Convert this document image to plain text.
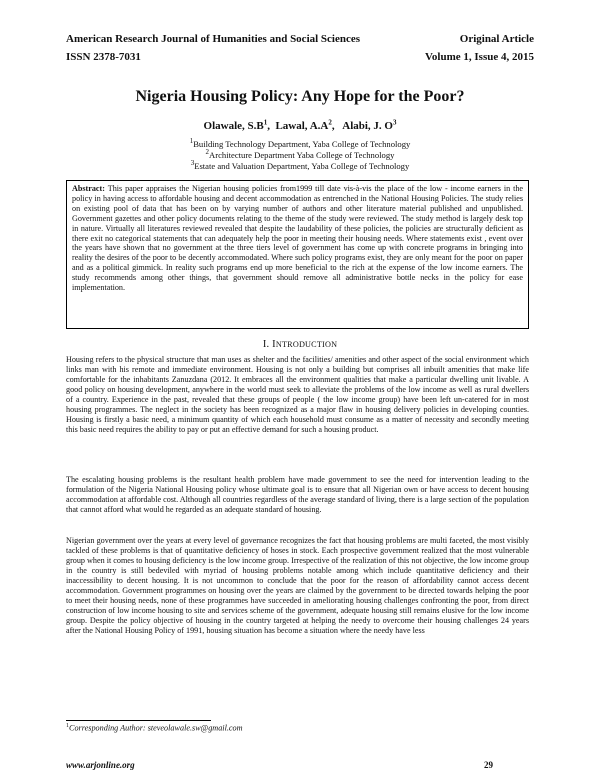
American Research Journal of Humanities and Social Sciences	Original Article
ISSN 2378-7031	Volume 1, Issue 4, 2015
Nigeria Housing Policy: Any Hope for the Poor?
Olawale, $S.B^1$,  Lawal, $A.A^2$,   Alabi, J. $O^3$
$^1$Building Technology Department, Yaba College of Technology
$^2$Architecture Department Yaba College of Technology
$^3$Estate and Valuation Department, Yaba College of Technology
Abstract: This paper appraises the Nigerian housing policies from1999 till date vis-à-vis the place of the low - income earners in the policy in having access to affordable housing and decent accommodation as entrenched in the National Housing Policies. The study relies on existing pool of data that has been on by varying number of authors and other literature material published and unpublished. Government gazettes and other policy documents relating to the theme of the study were reviewed. The study method is largely desk top in nature. Virtually all literatures reviewed revealed that despite the laudability of these policies, the policies are structurally deficient as there exit no categorical statements that can adequately help the poor in meeting their housing needs. Where statements exist , event over the years have shown that no government at the three tiers level of government has come up with concrete programs in bringing into reality the desires of the poor to be decently accommodated. Where such policy programs exist, they are only meant for the poor on paper and as a political gimmick. In reality such programs end up more beneficial to the rich at the expense of the low income earners. The study recommends among other things, that government should remove all administrative bottle necks in the policy for ease implementation.
I. INTRODUCTION

Housing refers to the physical structure that man uses as shelter and the facilities/ amenities and other aspect of the social environment which links man with his remote and immediate environment. Housing is not only a building but comprises all inbuilt amenities that make life comfortable for the inhabitants Zanuzdana (2012. It embraces all the environment qualities that make a particular dwelling unit livable. A good policy on housing development, anywhere in the world must seek to alleviate the problems of the low income as well as rural dwellers of a country. Experience in the past, revealed that these groups of people ( the low income group) have been left un-catered for in most housing programmes. The neglect in the society has been recognized as a major flaw in housing delivery policies in developing counties. Housing is firstly a basic need, a minimum quantity of which each household must consume as a matter of necessity and secondly meeting this basic need requires the ability to pay or put an effective demand for such a housing product.

The escalating housing problems is the resultant health problem have made government to see the need for intervention leading to the formulation of the Nigeria National Housing policy whose ultimate goal is to ensure that all Nigerian own or have access to decent housing accommodation at affordable cost. Although all countries regardless of the average standard of living, there is a large section of the population that cannot afford what would he regarded as an adequate standard of housing.

Nigerian government over the years at every level of governance recognizes the fact that housing problems are multi faceted, the most visibly tackled of these problems is that of quantitative deficiency of hoses in stock. Each prospective government realized that the most vulnerable group when it comes to housing deficiency is the low income group. Irrespective of the realization of this not objective, the low income group in the country is still bedeviled with myriad of housing problems notable among which include quantitative deficiency and their inaccessibility to decent housing. It is not uncommon to conclude that the poor for the reason of affordability cannot access decent accommodation. Government programmes on housing over the years are claimed by the government to be directed towards helping the poor to meet their housing needs, none of these programmes have succeeded in ameliorating housing challenges confronting the poor, from direct construction of low income housing to site and services scheme of the government, adequate housing still remains elusive for the low income group. Despite the policy objective of housing in the country targeted at helping the needy to overcome their housing challenges 24 years after the National Housing Policy of 1991, housing situation has become a situation where the needy have less

$^1$Corresponding Author: steveolawale.sw@gmail.com
www.arjonline.org	29
